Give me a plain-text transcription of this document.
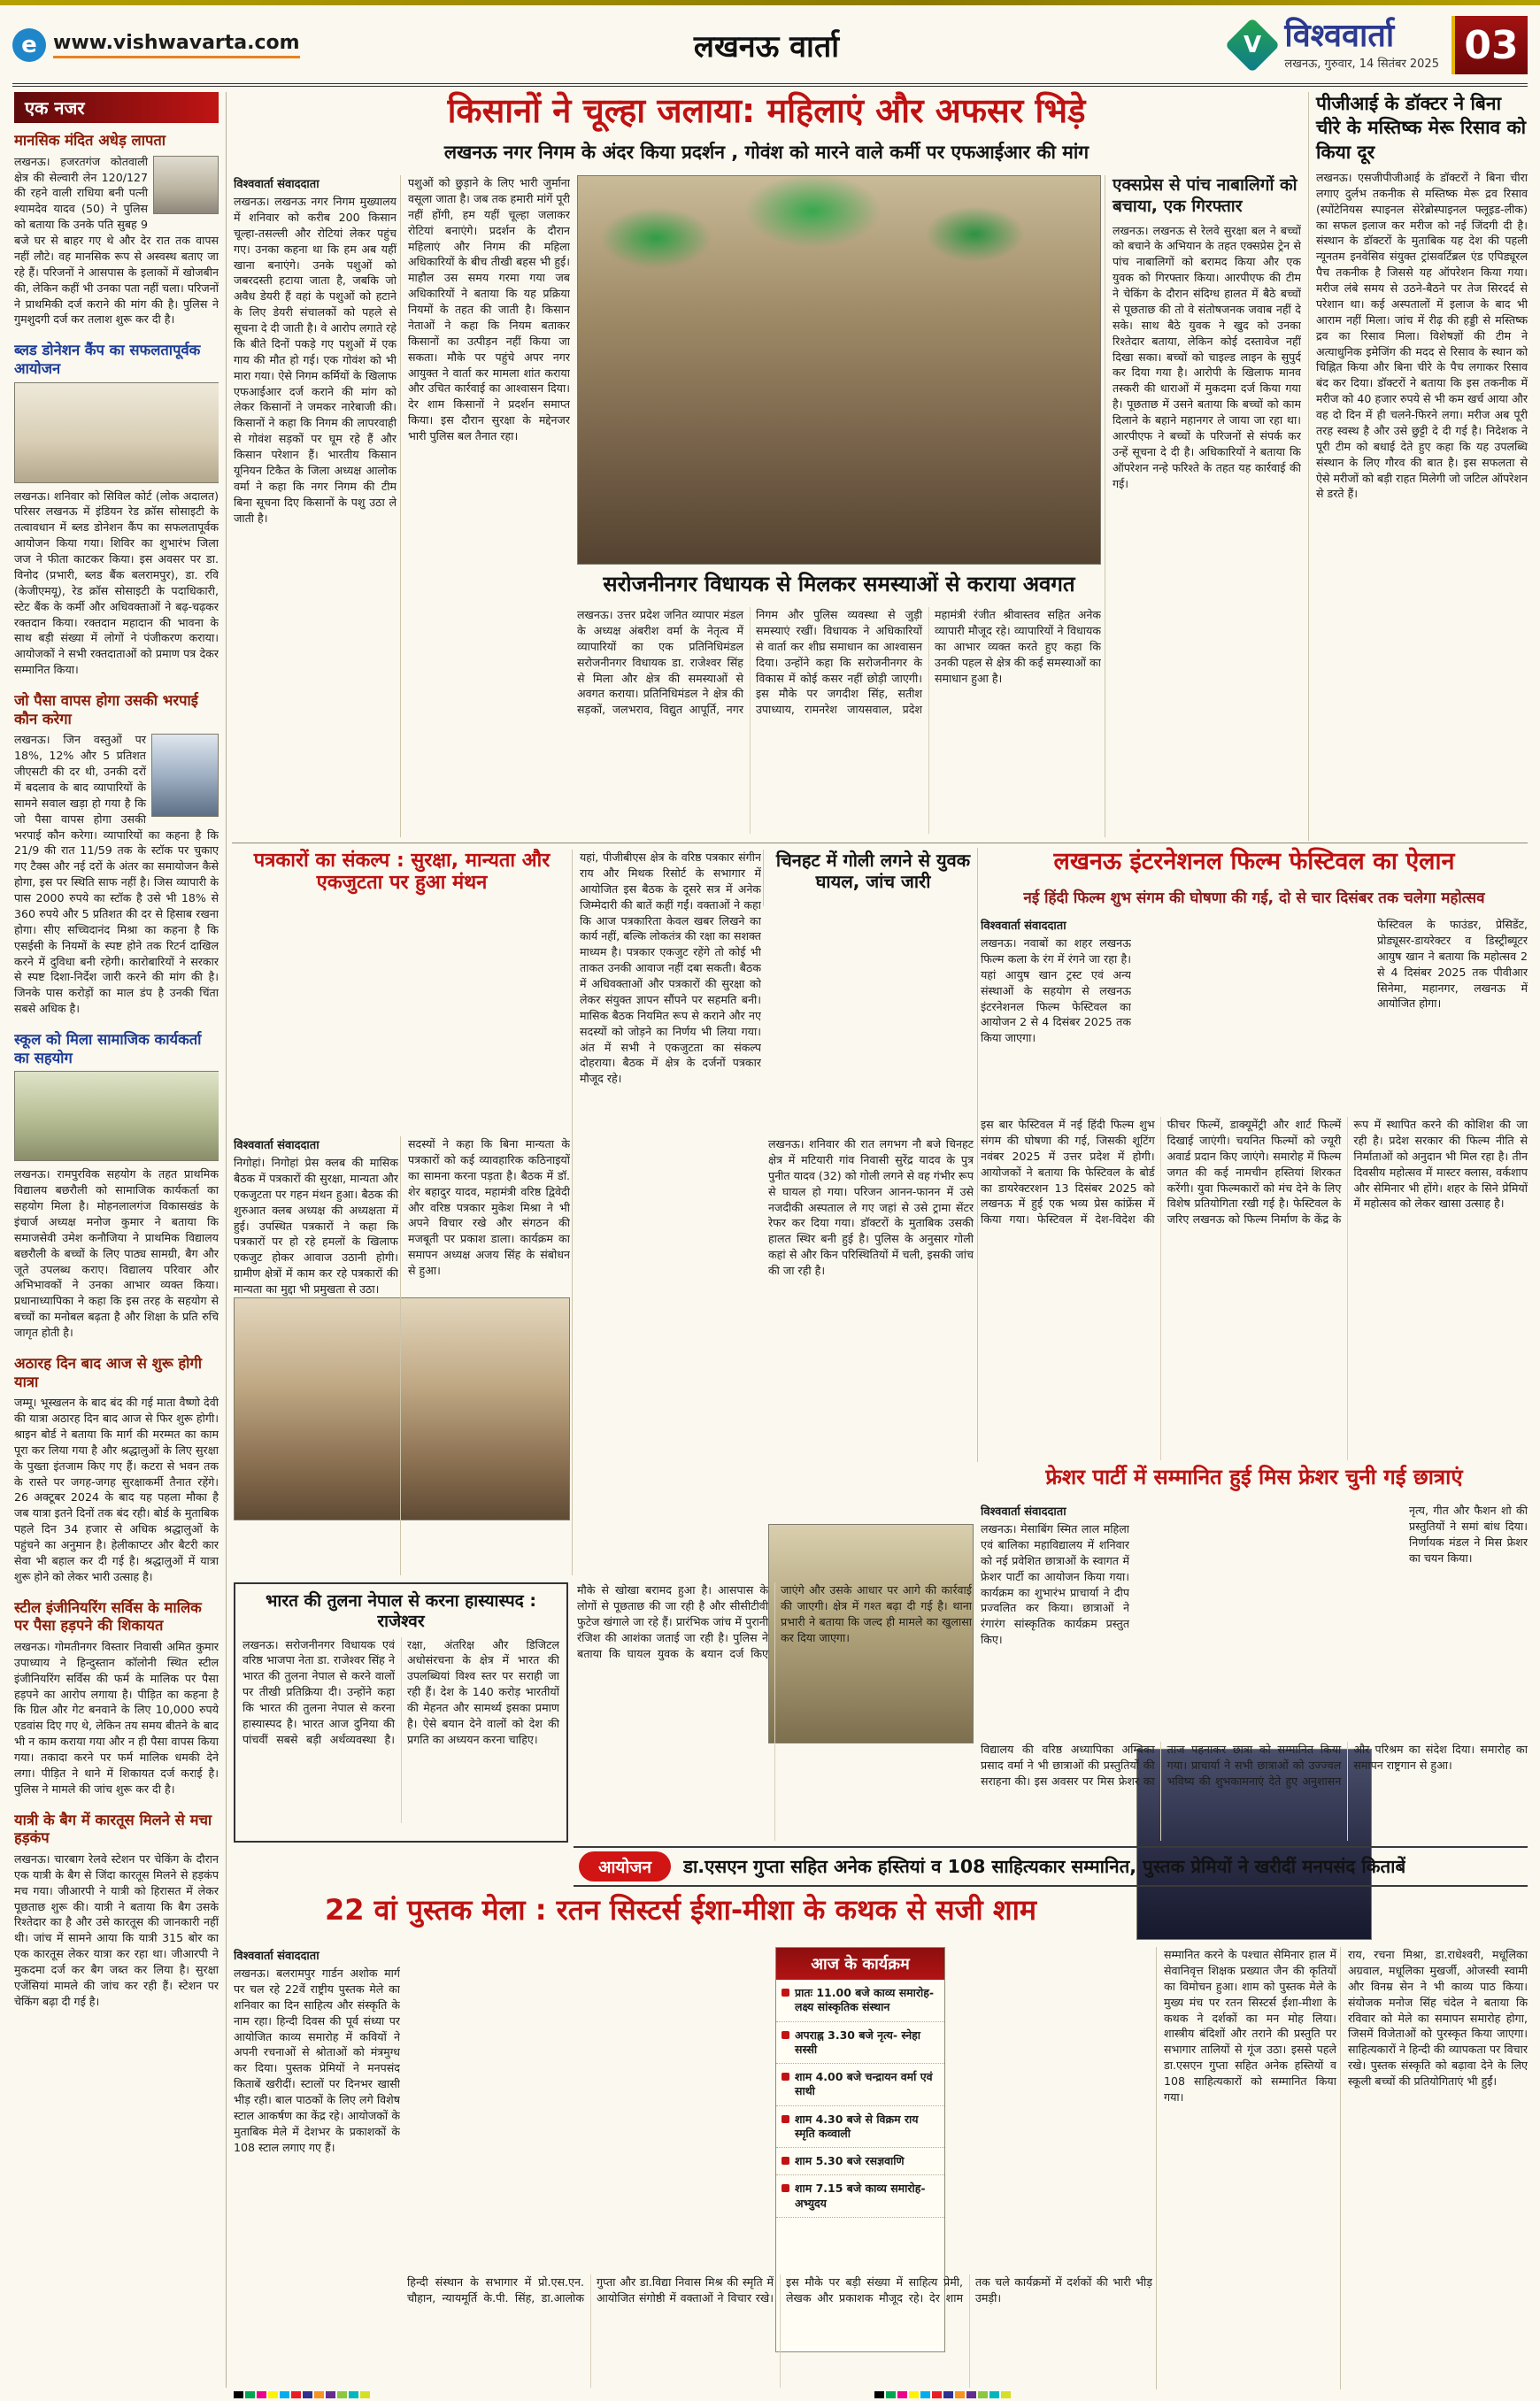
e www.vishwavarta.com	लखनऊ वार्ता	V विश्ववार्ता
लखनऊ, गुरुवार, 14 सितंबर 2025 03
एक नजर
मानसिक मंदित अधेड़ लापता
लखनऊ। हजरतगंज कोतवाली क्षेत्र की सेल्वारी लेन 120/127 की रहने वाली राधिया बनी पत्नी श्यामदेव यादव (50) ने पुलिस को बताया कि उनके पति सुबह 9 बजे घर से बाहर गए थे और देर रात तक वापस नहीं लौटे। वह मानसिक रूप से अस्वस्थ बताए जा रहे हैं। परिजनों ने आसपास के इलाकों में खोजबीन की, लेकिन कहीं भी उनका पता नहीं चला। परिजनों ने प्राथमिकी दर्ज कराने की मांग की है। पुलिस ने गुमशुदगी दर्ज कर तलाश शुरू कर दी है।
ब्लड डोनेशन कैंप का सफलतापूर्वक आयोजन
लखनऊ। शनिवार को सिविल कोर्ट (लोक अदालत) परिसर लखनऊ में इंडियन रेड क्रॉस सोसाइटी के तत्वावधान में ब्लड डोनेशन कैंप का सफलतापूर्वक आयोजन किया गया। शिविर का शुभारंभ जिला जज ने फीता काटकर किया। इस अवसर पर डा. विनोद (प्रभारी, ब्लड बैंक बलरामपुर), डा. रवि (केजीएमयू), रेड क्रॉस सोसाइटी के पदाधिकारी, स्टेट बैंक के कर्मी और अधिवक्ताओं ने बढ़-चढ़कर रक्तदान किया। रक्तदान महादान की भावना के साथ बड़ी संख्या में लोगों ने पंजीकरण कराया। आयोजकों ने सभी रक्तदाताओं को प्रमाण पत्र देकर सम्मानित किया।
जो पैसा वापस होगा उसकी भरपाई कौन करेगा
लखनऊ। जिन वस्तुओं पर 18%, 12% और 5 प्रतिशत जीएसटी की दर थी, उनकी दरों में बदलाव के बाद व्यापारियों के सामने सवाल खड़ा हो गया है कि जो पैसा वापस होगा उसकी भरपाई कौन करेगा। व्यापारियों का कहना है कि 21/9 की रात 11/59 तक के स्टॉक पर चुकाए गए टैक्स और नई दरों के अंतर का समायोजन कैसे होगा, इस पर स्थिति साफ नहीं है। जिस व्यापारी के पास 2000 रुपये का स्टॉक है उसे भी 18% से 360 रुपये और 5 प्रतिशत की दर से हिसाब रखना होगा। सीए सच्चिदानंद मिश्रा का कहना है कि एसईसी के नियमों के स्पष्ट होने तक रिटर्न दाखिल करने में दुविधा बनी रहेगी। कारोबारियों ने सरकार से स्पष्ट दिशा-निर्देश जारी करने की मांग की है। जिनके पास करोड़ों का माल डंप है उनकी चिंता सबसे अधिक है।
स्कूल को मिला सामाजिक कार्यकर्ता का सहयोग
लखनऊ। रामपुरविक सहयोग के तहत प्राथमिक विद्यालय बछरौली को सामाजिक कार्यकर्ता का सहयोग मिला है। मोहनलालगंज विकासखंड के इंचार्ज अध्यक्ष मनोज कुमार ने बताया कि समाजसेवी उमेश कनौजिया ने प्राथमिक विद्यालय बछरौली के बच्चों के लिए पाठ्य सामग्री, बैग और जूते उपलब्ध कराए। विद्यालय परिवार और अभिभावकों ने उनका आभार व्यक्त किया। प्रधानाध्यापिका ने कहा कि इस तरह के सहयोग से बच्चों का मनोबल बढ़ता है और शिक्षा के प्रति रुचि जागृत होती है।
अठारह दिन बाद आज से शुरू होगी यात्रा
जम्मू। भूस्खलन के बाद बंद की गई माता वैष्णो देवी की यात्रा अठारह दिन बाद आज से फिर शुरू होगी। श्राइन बोर्ड ने बताया कि मार्ग की मरम्मत का काम पूरा कर लिया गया है और श्रद्धालुओं के लिए सुरक्षा के पुख्ता इंतजाम किए गए हैं। कटरा से भवन तक के रास्ते पर जगह-जगह सुरक्षाकर्मी तैनात रहेंगे। 26 अक्टूबर 2024 के बाद यह पहला मौका है जब यात्रा इतने दिनों तक बंद रही। बोर्ड के मुताबिक पहले दिन 34 हजार से अधिक श्रद्धालुओं के पहुंचने का अनुमान है। हेलीकाप्टर और बैटरी कार सेवा भी बहाल कर दी गई है। श्रद्धालुओं में यात्रा शुरू होने को लेकर भारी उत्साह है।
स्टील इंजीनियरिंग सर्विस के मालिक पर पैसा हड़पने की शिकायत
लखनऊ। गोमतीनगर विस्तार निवासी अमित कुमार उपाध्याय ने हिन्दुस्तान कॉलोनी स्थित स्टील इंजीनियरिंग सर्विस की फर्म के मालिक पर पैसा हड़पने का आरोप लगाया है। पीड़ित का कहना है कि ग्रिल और गेट बनवाने के लिए 10,000 रुपये एडवांस दिए गए थे, लेकिन तय समय बीतने के बाद भी न काम कराया गया और न ही पैसा वापस किया गया। तकादा करने पर फर्म मालिक धमकी देने लगा। पीड़ित ने थाने में शिकायत दर्ज कराई है। पुलिस ने मामले की जांच शुरू कर दी है।
यात्री के बैग में कारतूस मिलने से मचा हड़कंप
लखनऊ। चारबाग रेलवे स्टेशन पर चेकिंग के दौरान एक यात्री के बैग से जिंदा कारतूस मिलने से हड़कंप मच गया। जीआरपी ने यात्री को हिरासत में लेकर पूछताछ शुरू की। यात्री ने बताया कि बैग उसके रिश्तेदार का है और उसे कारतूस की जानकारी नहीं थी। जांच में सामने आया कि यात्री 315 बोर का एक कारतूस लेकर यात्रा कर रहा था। जीआरपी ने मुकदमा दर्ज कर बैग जब्त कर लिया है। सुरक्षा एजेंसियां मामले की जांच कर रही हैं। स्टेशन पर चेकिंग बढ़ा दी गई है।
किसानों ने चूल्हा जलाया: महिलाएं और अफसर भिड़े
लखनऊ नगर निगम के अंदर किया प्रदर्शन , गोवंश को मारने वाले कर्मी पर एफआईआर की मांग
विश्ववार्ता संवाददाता
लखनऊ। लखनऊ नगर निगम मुख्यालय में शनिवार को करीब 200 किसान चूल्हा-तसल्ली और रोटियां लेकर पहुंच गए। उनका कहना था कि हम अब यहीं खाना बनाएंगे। उनके पशुओं को जबरदस्ती हटाया जाता है, जबकि जो अवैध डेयरी हैं वहां के पशुओं को हटाने के लिए डेयरी संचालकों को पहले से सूचना दे दी जाती है। वे आरोप लगाते रहे कि बीते दिनों पकड़े गए पशुओं में एक गाय की मौत हो गई। एक गोवंश को भी मारा गया। ऐसे निगम कर्मियों के खिलाफ एफआईआर दर्ज कराने की मांग को लेकर किसानों ने जमकर नारेबाजी की। किसानों ने कहा कि निगम की लापरवाही से गोवंश सड़कों पर घूम रहे हैं और किसान परेशान हैं। भारतीय किसान यूनियन टिकैत के जिला अध्यक्ष आलोक वर्मा ने कहा कि नगर निगम की टीम बिना सूचना दिए किसानों के पशु उठा ले जाती है।
पशुओं को छुड़ाने के लिए भारी जुर्माना वसूला जाता है। जब तक हमारी मांगें पूरी नहीं होंगी, हम यहीं चूल्हा जलाकर रोटियां बनाएंगे। प्रदर्शन के दौरान महिलाएं और निगम की महिला अधिकारियों के बीच तीखी बहस भी हुई। माहौल उस समय गरमा गया जब अधिकारियों ने बताया कि यह प्रक्रिया नियमों के तहत की जाती है। किसान नेताओं ने कहा कि नियम बताकर किसानों का उत्पीड़न नहीं किया जा सकता। मौके पर पहुंचे अपर नगर आयुक्त ने वार्ता कर मामला शांत कराया और उचित कार्रवाई का आश्वासन दिया। देर शाम किसानों ने प्रदर्शन समाप्त किया। इस दौरान सुरक्षा के मद्देनजर भारी पुलिस बल तैनात रहा।
एक्सप्रेस से पांच नाबालिगों को बचाया, एक गिरफ्तार
लखनऊ। लखनऊ से रेलवे सुरक्षा बल ने बच्चों को बचाने के अभियान के तहत एक्सप्रेस ट्रेन से पांच नाबालिगों को बरामद किया और एक युवक को गिरफ्तार किया। आरपीएफ की टीम ने चेकिंग के दौरान संदिग्ध हालत में बैठे बच्चों से पूछताछ की तो वे संतोषजनक जवाब नहीं दे सके। साथ बैठे युवक ने खुद को उनका रिश्तेदार बताया, लेकिन कोई दस्तावेज नहीं दिखा सका। बच्चों को चाइल्ड लाइन के सुपुर्द कर दिया गया है। आरोपी के खिलाफ मानव तस्करी की धाराओं में मुकदमा दर्ज किया गया है। पूछताछ में उसने बताया कि बच्चों को काम दिलाने के बहाने महानगर ले जाया जा रहा था। आरपीएफ ने बच्चों के परिजनों से संपर्क कर उन्हें सूचना दे दी है। अधिकारियों ने बताया कि ऑपरेशन नन्हे फरिश्ते के तहत यह कार्रवाई की गई।
सरोजनीनगर विधायक से मिलकर समस्याओं से कराया अवगत
लखनऊ। उत्तर प्रदेश जनित व्यापार मंडल के अध्यक्ष अंबरीश वर्मा के नेतृत्व में व्यापारियों का एक प्रतिनिधिमंडल सरोजनीनगर विधायक डा. राजेश्वर सिंह से मिला और क्षेत्र की समस्याओं से अवगत कराया। प्रतिनिधिमंडल ने क्षेत्र की सड़कों, जलभराव, विद्युत आपूर्ति, नगर निगम और पुलिस व्यवस्था से जुड़ी समस्याएं रखीं। विधायक ने अधिकारियों से वार्ता कर शीघ्र समाधान का आश्वासन दिया। उन्होंने कहा कि सरोजनीनगर के विकास में कोई कसर नहीं छोड़ी जाएगी। इस मौके पर जगदीश सिंह, सतीश उपाध्याय, रामनरेश जायसवाल, प्रदेश महामंत्री रंजीत श्रीवास्तव सहित अनेक व्यापारी मौजूद रहे। व्यापारियों ने विधायक का आभार व्यक्त करते हुए कहा कि उनकी पहल से क्षेत्र की कई समस्याओं का समाधान हुआ है।
पीजीआई के डॉक्टर ने बिना चीरे के मस्तिष्क मेरू रिसाव को किया दूर
लखनऊ। एसजीपीजीआई के डॉक्टरों ने बिना चीरा लगाए दुर्लभ तकनीक से मस्तिष्क मेरू द्रव रिसाव (स्पोंटेनियस स्पाइनल सेरेब्रोस्पाइनल फ्लूइड-लीक) का सफल इलाज कर मरीज को नई जिंदगी दी है। संस्थान के डॉक्टरों के मुताबिक यह देश की पहली न्यूनतम इनवेसिव संयुक्त ट्रांसवर्टिब्रल एंड एपिड्यूरल पैच तकनीक है जिससे यह ऑपरेशन किया गया। मरीज लंबे समय से उठने-बैठने पर तेज सिरदर्द से परेशान था। कई अस्पतालों में इलाज के बाद भी आराम नहीं मिला। जांच में रीढ़ की हड्डी से मस्तिष्क द्रव का रिसाव मिला। विशेषज्ञों की टीम ने अत्याधुनिक इमेजिंग की मदद से रिसाव के स्थान को चिह्नित किया और बिना चीरे के पैच लगाकर रिसाव बंद कर दिया। डॉक्टरों ने बताया कि इस तकनीक में मरीज को 40 हजार रुपये से भी कम खर्च आया और वह दो दिन में ही चलने-फिरने लगा। मरीज अब पूरी तरह स्वस्थ है और उसे छुट्टी दे दी गई है। निदेशक ने पूरी टीम को बधाई देते हुए कहा कि यह उपलब्धि संस्थान के लिए गौरव की बात है। इस सफलता से ऐसे मरीजों को बड़ी राहत मिलेगी जो जटिल ऑपरेशन से डरते हैं।
पत्रकारों का संकल्प : सुरक्षा, मान्यता और एकजुटता पर हुआ मंथन
विश्ववार्ता संवाददाता
निगोहां। निगोहां प्रेस क्लब की मासिक बैठक में पत्रकारों की सुरक्षा, मान्यता और एकजुटता पर गहन मंथन हुआ। बैठक की शुरुआत क्लब अध्यक्ष की अध्यक्षता में हुई। उपस्थित पत्रकारों ने कहा कि पत्रकारों पर हो रहे हमलों के खिलाफ एकजुट होकर आवाज उठानी होगी। ग्रामीण क्षेत्रों में काम कर रहे पत्रकारों की मान्यता का मुद्दा भी प्रमुखता से उठा।
सदस्यों ने कहा कि बिना मान्यता के पत्रकारों को कई व्यावहारिक कठिनाइयों का सामना करना पड़ता है। बैठक में डॉ. शेर बहादुर यादव, महामंत्री वरिष्ठ द्विवेदी और वरिष्ठ पत्रकार मुकेश मिश्रा ने भी अपने विचार रखे और संगठन की मजबूती पर प्रकाश डाला। कार्यक्रम का समापन अध्यक्ष अजय सिंह के संबोधन से हुआ।
यहां, पीजीबीएस क्षेत्र के वरिष्ठ पत्रकार संगीन राय और मिथक रिसोर्ट के सभागार में आयोजित इस बैठक के दूसरे सत्र में अनेक जिम्मेदारी की बातें कहीं गईं। वक्ताओं ने कहा कि आज पत्रकारिता केवल खबर लिखने का कार्य नहीं, बल्कि लोकतंत्र की रक्षा का सशक्त माध्यम है। पत्रकार एकजुट रहेंगे तो कोई भी ताकत उनकी आवाज नहीं दबा सकती। बैठक में अधिवक्ताओं और पत्रकारों की सुरक्षा को लेकर संयुक्त ज्ञापन सौंपने पर सहमति बनी। मासिक बैठक नियमित रूप से कराने और नए सदस्यों को जोड़ने का निर्णय भी लिया गया। अंत में सभी ने एकजुटता का संकल्प दोहराया। बैठक में क्षेत्र के दर्जनों पत्रकार मौजूद रहे।
चिनहट में गोली लगने से युवक घायल, जांच जारी
लखनऊ। शनिवार की रात लगभग नौ बजे चिनहट क्षेत्र में मटियारी गांव निवासी सुरेंद्र यादव के पुत्र पुनीत यादव (32) को गोली लगने से वह गंभीर रूप से घायल हो गया। परिजन आनन-फानन में उसे नजदीकी अस्पताल ले गए जहां से उसे ट्रामा सेंटर रेफर कर दिया गया। डॉक्टरों के मुताबिक उसकी हालत स्थिर बनी हुई है। पुलिस के अनुसार गोली कहां से और किन परिस्थितियों में चली, इसकी जांच की जा रही है।
लखनऊ इंटरनेशनल फिल्म फेस्टिवल का ऐलान
नई हिंदी फिल्म शुभ संगम की घोषणा की गई, दो से चार दिसंबर तक चलेगा महोत्सव
विश्ववार्ता संवाददाता
लखनऊ। नवाबों का शहर लखनऊ फिल्म कला के रंग में रंगने जा रहा है। यहां आयुष खान ट्रस्ट एवं अन्य संस्थाओं के सहयोग से लखनऊ इंटरनेशनल फिल्म फेस्टिवल का आयोजन 2 से 4 दिसंबर 2025 तक किया जाएगा।
फेस्टिवल के फाउंडर, प्रेसिडेंट, प्रोड्यूसर-डायरेक्टर व डिस्ट्रीब्यूटर आयुष खान ने बताया कि महोत्सव 2 से 4 दिसंबर 2025 तक पीवीआर सिनेमा, महानगर, लखनऊ में आयोजित होगा।
इस बार फेस्टिवल में नई हिंदी फिल्म शुभ संगम की घोषणा की गई, जिसकी शूटिंग नवंबर 2025 में उत्तर प्रदेश में होगी। आयोजकों ने बताया कि फेस्टिवल के बोर्ड का डायरेक्टरशन 13 दिसंबर 2025 को लखनऊ में हुई एक भव्य प्रेस कांफ्रेंस में किया गया। फेस्टिवल में देश-विदेश की फीचर फिल्में, डाक्यूमेंट्री और शार्ट फिल्में दिखाई जाएंगी। चयनित फिल्मों को ज्यूरी अवार्ड प्रदान किए जाएंगे। समारोह में फिल्म जगत की कई नामचीन हस्तियां शिरकत करेंगी। युवा फिल्मकारों को मंच देने के लिए विशेष प्रतियोगिता रखी गई है। फेस्टिवल के जरिए लखनऊ को फिल्म निर्माण के केंद्र के रूप में स्थापित करने की कोशिश की जा रही है। प्रदेश सरकार की फिल्म नीति से निर्माताओं को अनुदान भी मिल रहा है। तीन दिवसीय महोत्सव में मास्टर क्लास, वर्कशाप और सेमिनार भी होंगे। शहर के सिने प्रेमियों में महोत्सव को लेकर खासा उत्साह है।
फ्रेशर पार्टी में सम्मानित हुई मिस फ्रेशर चुनी गई छात्राएं
विश्ववार्ता संवाददाता
लखनऊ। मेसाबिंग स्मित लाल महिला एवं बालिका महाविद्यालय में शनिवार को नई प्रवेशित छात्राओं के स्वागत में फ्रेशर पार्टी का आयोजन किया गया। कार्यक्रम का शुभारंभ प्राचार्या ने दीप प्रज्वलित कर किया। छात्राओं ने रंगारंग सांस्कृतिक कार्यक्रम प्रस्तुत किए।
नृत्य, गीत और फैशन शो की प्रस्तुतियों ने समां बांध दिया। निर्णायक मंडल ने मिस फ्रेशर का चयन किया।
विद्यालय की वरिष्ठ अध्यापिका अम्बिका प्रसाद वर्मा ने भी छात्राओं की प्रस्तुतियों की सराहना की। इस अवसर पर मिस फ्रेशर का ताज पहनाकर छात्रा को सम्मानित किया गया। प्राचार्या ने सभी छात्राओं को उज्ज्वल भविष्य की शुभकामनाएं देते हुए अनुशासन और परिश्रम का संदेश दिया। समारोह का समापन राष्ट्रगान से हुआ।
भारत की तुलना नेपाल से करना हास्यास्पद : राजेश्वर
लखनऊ। सरोजनीनगर विधायक एवं वरिष्ठ भाजपा नेता डा. राजेश्वर सिंह ने भारत की तुलना नेपाल से करने वालों पर तीखी प्रतिक्रिया दी। उन्होंने कहा कि भारत की तुलना नेपाल से करना हास्यास्पद है। भारत आज दुनिया की पांचवीं सबसे बड़ी अर्थव्यवस्था है। रक्षा, अंतरिक्ष और डिजिटल अधोसंरचना के क्षेत्र में भारत की उपलब्धियां विश्व स्तर पर सराही जा रही हैं। देश के 140 करोड़ भारतीयों की मेहनत और सामर्थ्य इसका प्रमाण है। ऐसे बयान देने वालों को देश की प्रगति का अध्ययन करना चाहिए।
मौके से खोखा बरामद हुआ है। आसपास के लोगों से पूछताछ की जा रही है और सीसीटीवी फुटेज खंगाले जा रहे हैं। प्रारंभिक जांच में पुरानी रंजिश की आशंका जताई जा रही है। पुलिस ने बताया कि घायल युवक के बयान दर्ज किए जाएंगे और उसके आधार पर आगे की कार्रवाई की जाएगी। क्षेत्र में गश्त बढ़ा दी गई है। थाना प्रभारी ने बताया कि जल्द ही मामले का खुलासा कर दिया जाएगा।
आयोजन	डा.एसएन गुप्ता सहित अनेक हस्तियां व 108 साहित्यकार सम्मानित, पुस्तक प्रेमियों ने खरीदीं मनपसंद किताबें
22 वां पुस्तक मेला : रतन सिस्टर्स ईशा-मीशा के कथक से सजी शाम
विश्ववार्ता संवाददाता
लखनऊ। बलरामपुर गार्डन अशोक मार्ग पर चल रहे 22वें राष्ट्रीय पुस्तक मेले का शनिवार का दिन साहित्य और संस्कृति के नाम रहा। हिन्दी दिवस की पूर्व संध्या पर आयोजित काव्य समारोह में कवियों ने अपनी रचनाओं से श्रोताओं को मंत्रमुग्ध कर दिया। पुस्तक प्रेमियों ने मनपसंद किताबें खरीदीं। स्टालों पर दिनभर खासी भीड़ रही। बाल पाठकों के लिए लगे विशेष स्टाल आकर्षण का केंद्र रहे। आयोजकों के मुताबिक मेले में देशभर के प्रकाशकों के 108 स्टाल लगाए गए हैं।
आज के कार्यक्रम
प्रातः 11.00 बजे काव्य समारोह- लक्ष्य सांस्कृतिक संस्थान
अपराह्न 3.30 बजे नृत्य- स्नेहा सस्सी
शाम 4.00 बजे चन्द्रायन वर्मा एवं साथी
शाम 4.30 बजे से विक्रम राय स्मृति कव्वाली
शाम 5.30 बजे रसज्ञवाणि
शाम 7.15 बजे काव्य समारोह- अभ्युदय
सम्मानित करने के पश्चात सेमिनार हाल में सेवानिवृत्त शिक्षक प्रख्यात जैन की कृतियों का विमोचन हुआ। शाम को पुस्तक मेले के मुख्य मंच पर रतन सिस्टर्स ईशा-मीशा के कथक ने दर्शकों का मन मोह लिया। शास्त्रीय बंदिशों और तराने की प्रस्तुति पर सभागार तालियों से गूंज उठा। इससे पहले डा.एसएन गुप्ता सहित अनेक हस्तियों व 108 साहित्यकारों को सम्मानित किया गया।
राय, रचना मिश्रा, डा.राधेश्वरी, मधूलिका अग्रवाल, मधूलिका मुखर्जी, ओजस्वी स्वामी और विनम्र सेन ने भी काव्य पाठ किया। संयोजक मनोज सिंह चंदेल ने बताया कि रविवार को मेले का समापन समारोह होगा, जिसमें विजेताओं को पुरस्कृत किया जाएगा। साहित्यकारों ने हिन्दी की व्यापकता पर विचार रखे। पुस्तक संस्कृति को बढ़ावा देने के लिए स्कूली बच्चों की प्रतियोगिताएं भी हुईं।
हिन्दी संस्थान के सभागार में प्रो.एस.एन. चौहान, न्यायमूर्ति के.पी. सिंह, डा.आलोक गुप्ता और डा.विद्या निवास मिश्र की स्मृति में आयोजित संगोष्ठी में वक्ताओं ने विचार रखे। इस मौके पर बड़ी संख्या में साहित्य प्रेमी, लेखक और प्रकाशक मौजूद रहे। देर शाम तक चले कार्यक्रमों में दर्शकों की भारी भीड़ उमड़ी।
